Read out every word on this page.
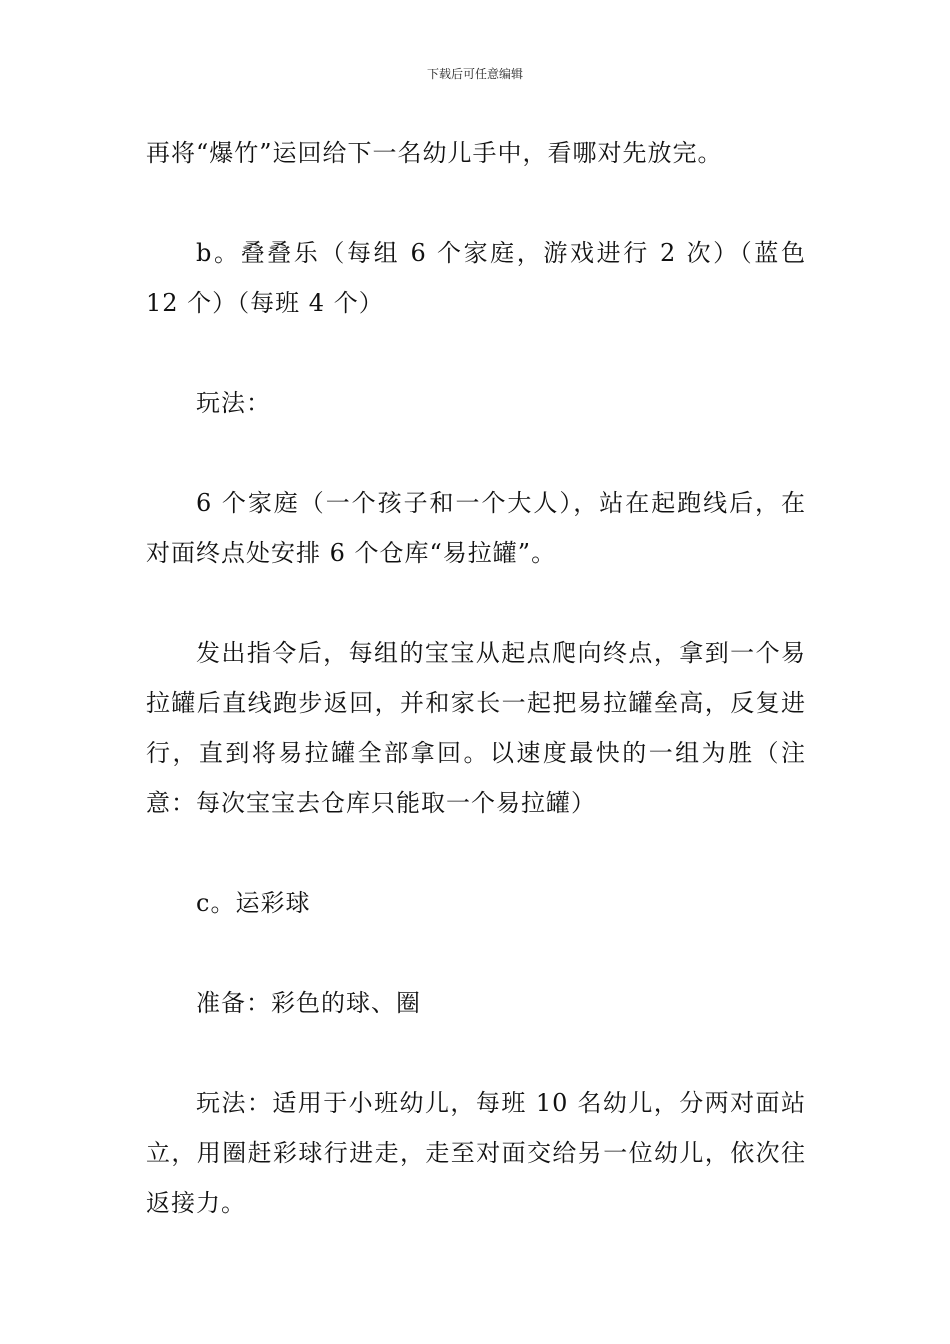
下载后可任意编辑

再将“爆竹”运回给下一名幼儿手中，看哪对先放完。

b。叠叠乐（每组 6 个家庭，游戏进行 2 次）（蓝色 12 个）（每班 4 个）

玩法：

6 个家庭（一个孩子和一个大人），站在起跑线后，在对面终点处安排 6 个仓库“易拉罐”。

发出指令后，每组的宝宝从起点爬向终点，拿到一个易拉罐后直线跑步返回，并和家长一起把易拉罐垒高，反复进行，直到将易拉罐全部拿回。以速度最快的一组为胜（注意：每次宝宝去仓库只能取一个易拉罐）

c。运彩球

准备：彩色的球、圈

玩法：适用于小班幼儿，每班 10 名幼儿，分两对面站立，用圈赶彩球行进走，走至对面交给另一位幼儿，依次往返接力。
